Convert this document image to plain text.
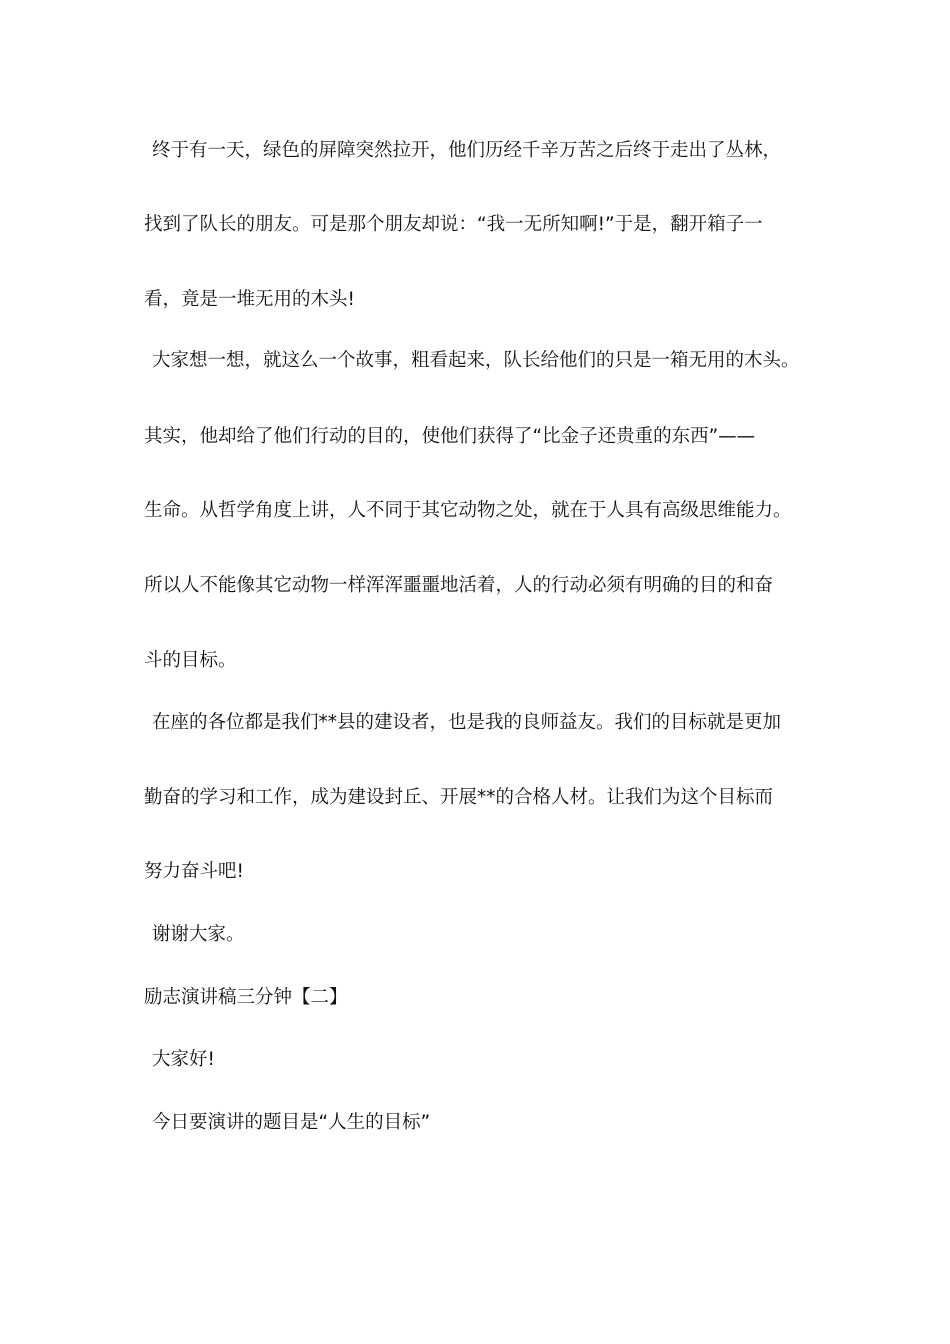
终于有一天，绿色的屏障突然拉开，他们历经千辛万苦之后终于走出了丛林，
找到了队长的朋友。可是那个朋友却说：“我一无所知啊!”于是，翻开箱子一
看，竟是一堆无用的木头!
大家想一想，就这么一个故事，粗看起来，队长给他们的只是一箱无用的木头。
其实，他却给了他们行动的目的，使他们获得了“比金子还贵重的东西”——
生命。从哲学角度上讲，人不同于其它动物之处，就在于人具有高级思维能力。
所以人不能像其它动物一样浑浑噩噩地活着，人的行动必须有明确的目的和奋
斗的目标。
在座的各位都是我们**县的建设者，也是我的良师益友。我们的目标就是更加
勤奋的学习和工作，成为建设封丘、开展**的合格人材。让我们为这个目标而
努力奋斗吧!
谢谢大家。
励志演讲稿三分钟【二】
大家好!
今日要演讲的题目是“人生的目标”
